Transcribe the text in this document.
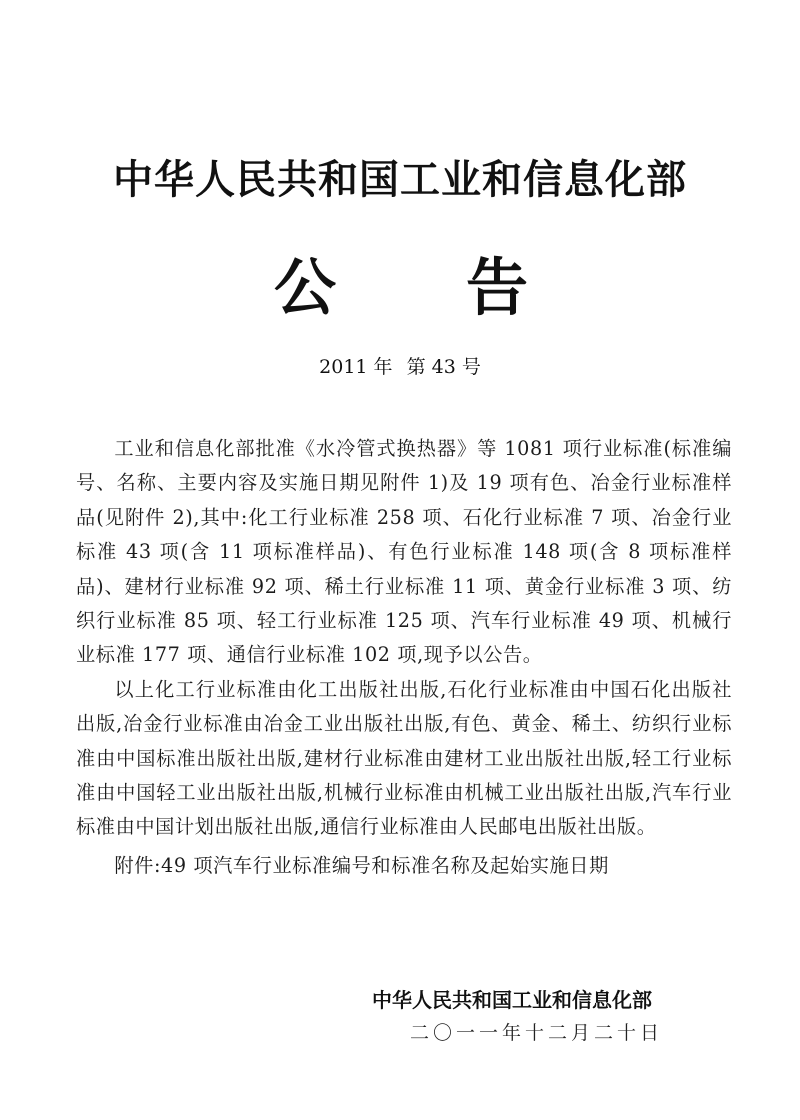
中华人民共和国工业和信息化部
公 告
2011 年 第 43 号

工业和信息化部批准《水冷管式换热器》等 1081 项行业标准(标准编号、名称、主要内容及实施日期见附件 1)及 19 项有色、冶金行业标准样品(见附件 2),其中:化工行业标准 258 项、石化行业标准 7 项、冶金行业标准 43 项(含 11 项标准样品)、有色行业标准 148 项(含 8 项标准样品)、建材行业标准 92 项、稀土行业标准 11 项、黄金行业标准 3 项、纺织行业标准 85 项、轻工行业标准 125 项、汽车行业标准 49 项、机械行业标准 177 项、通信行业标准 102 项,现予以公告。

以上化工行业标准由化工出版社出版,石化行业标准由中国石化出版社出版,冶金行业标准由冶金工业出版社出版,有色、黄金、稀土、纺织行业标准由中国标准出版社出版,建材行业标准由建材工业出版社出版,轻工行业标准由中国轻工业出版社出版,机械行业标准由机械工业出版社出版,汽车行业标准由中国计划出版社出版,通信行业标准由人民邮电出版社出版。

附件:49 项汽车行业标准编号和标准名称及起始实施日期

中华人民共和国工业和信息化部
二〇一一年十二月二十日
